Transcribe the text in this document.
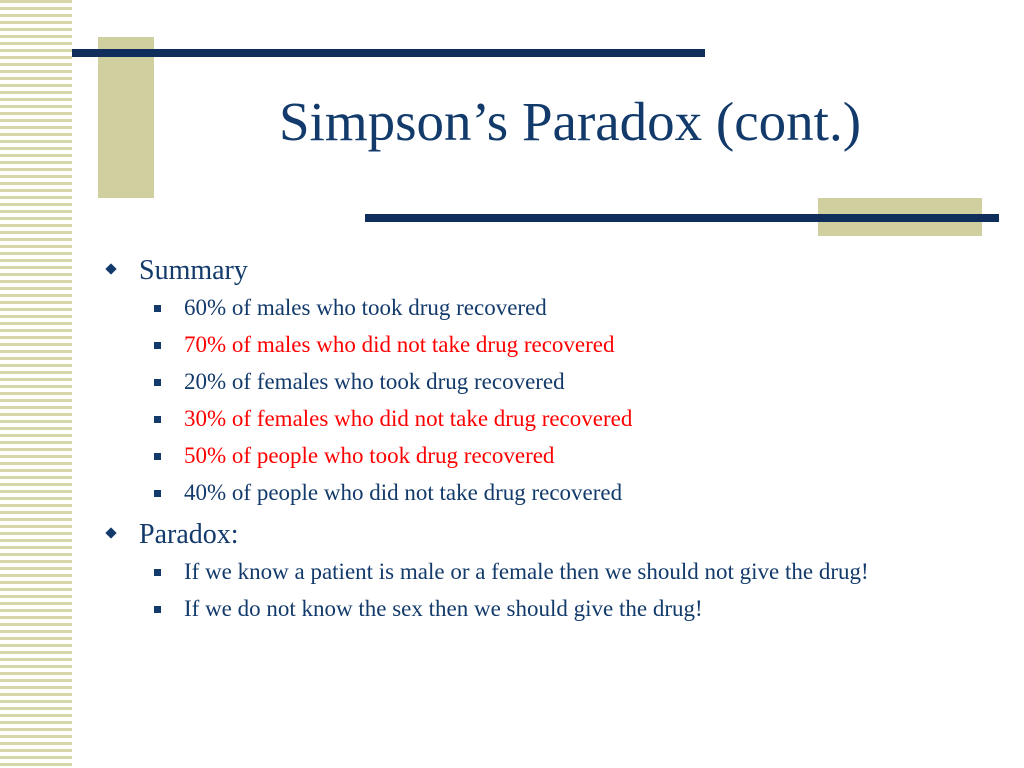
Simpson’s Paradox (cont.)
Summary
60% of males who took drug recovered
70% of males who did not take drug recovered
20% of females who took drug recovered
30% of females who did not take drug recovered
50% of people who took drug recovered
40% of people who did not take drug recovered
Paradox:
If we know a patient is male or a female then we should not give the drug!
If we do not know the sex then we should give the drug!
